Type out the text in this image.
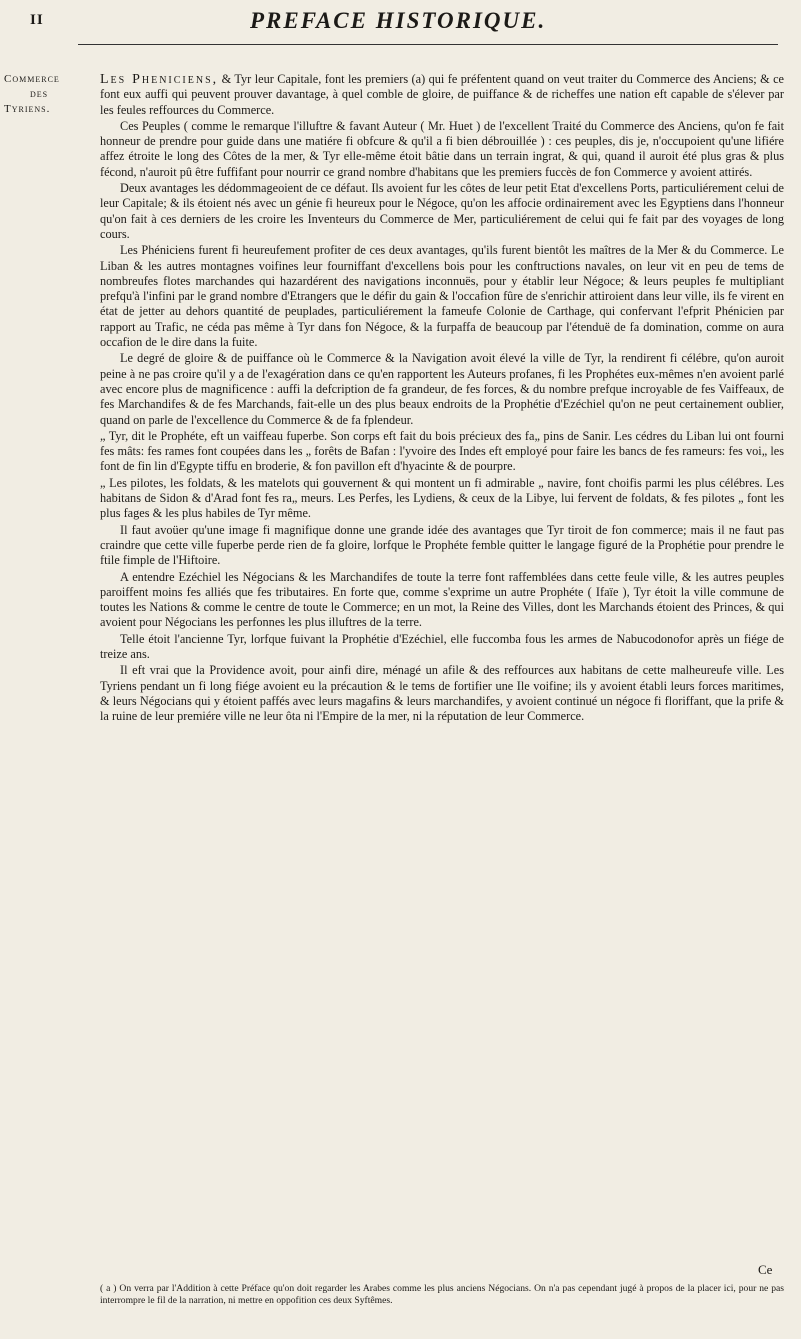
II	PREFACE HISTORIQUE.
Commerce
des
Tyriens.

Les Pheniciens, & Tyr leur Capitale, font les premiers (a) qui fe préfentent quand on veut traiter du Commerce des Anciens; & ce font eux auffi qui peuvent prouver davantage, à quel comble de gloire, de puiffance & de richeffes une nation eft capable de s'élever par les feules reffources du Commerce.

Ces Peuples ( comme le remarque l'illuftre & favant Auteur ( Mr. Huet ) de l'excellent Traité du Commerce des Anciens, qu'on fe fait honneur de prendre pour guide dans une matiére fi obfcure & qu'il a fi bien débrouillée ) : ces peuples, dis je, n'occupoient qu'une lifiére affez étroite le long des Côtes de la mer, & Tyr elle-même étoit bâtie dans un terrain ingrat, & qui, quand il auroit été plus gras & plus fécond, n'auroit pû être fuffifant pour nourrir ce grand nombre d'habitans que les premiers fuccès de fon Commerce y avoient attirés.

Deux avantages les dédommageoient de ce défaut. Ils avoient fur les côtes de leur petit Etat d'excellens Ports, particuliérement celui de leur Capitale; & ils étoient nés avec un génie fi heureux pour le Négoce, qu'on les affocie ordinairement avec les Egyptiens dans l'honneur qu'on fait à ces derniers de les croire les Inventeurs du Commerce de Mer, particuliérement de celui qui fe fait par des voyages de long cours.

Les Phéniciens furent fi heureufement profiter de ces deux avantages, qu'ils furent bientôt les maîtres de la Mer & du Commerce. Le Liban & les autres montagnes voifines leur fourniffant d'excellens bois pour les conftructions navales, on leur vit en peu de tems de nombreufes flotes marchandes qui hazardérent des navigations inconnuës, pour y établir leur Négoce; & leurs peuples fe multipliant prefqu'à l'infini par le grand nombre d'Etrangers que le défir du gain & l'occafion fûre de s'enrichir attiroient dans leur ville, ils fe virent en état de jetter au dehors quantité de peuplades, particuliérement la fameufe Colonie de Carthage, qui confervant l'efprit Phénicien par rapport au Trafic, ne céda pas même à Tyr dans fon Négoce, & la furpaffa de beaucoup par l'étenduë de fa domination, comme on aura occafion de le dire dans la fuite.

Le degré de gloire & de puiffance où le Commerce & la Navigation avoit élevé la ville de Tyr, la rendirent fi célébre, qu'on auroit peine à ne pas croire qu'il y a de l'exagération dans ce qu'en rapportent les Auteurs profanes, fi les Prophétes eux-mêmes n'en avoient parlé avec encore plus de magnificence : auffi la defcription de fa grandeur, de fes forces, & du nombre prefque incroyable de fes Vaiffeaux, de fes Marchandifes & de fes Marchands, fait-elle un des plus beaux endroits de la Prophétie d'Ezéchiel qu'on ne peut certainement oublier, quand on parle de l'excellence du Commerce & de fa fplendeur.

„ Tyr, dit le Prophéte, eft un vaiffeau fuperbe. Son corps eft fait du bois précieux des fa„ pins de Sanir. Les cédres du Liban lui ont fourni fes mâts: fes rames font coupées dans les „ forêts de Bafan : l'yvoire des Indes eft employé pour faire les bancs de fes rameurs: fes voi„ les font de fin lin d'Egypte tiffu en broderie, & fon pavillon eft d'hyacinte & de pourpre.

„ Les pilotes, les foldats, & les matelots qui gouvernent & qui montent un fi admirable „ navire, font choifis parmi les plus célébres. Les habitans de Sidon & d'Arad font fes ra„ meurs. Les Perfes, les Lydiens, & ceux de la Libye, lui fervent de foldats, & fes pilotes „ font les plus fages & les plus habiles de Tyr même.

Il faut avoüer qu'une image fi magnifique donne une grande idée des avantages que Tyr tiroit de fon commerce; mais il ne faut pas craindre que cette ville fuperbe perde rien de fa gloire, lorfque le Prophéte femble quitter le langage figuré de la Prophétie pour prendre le ftile fimple de l'Hiftoire.

A entendre Ezéchiel les Négocians & les Marchandifes de toute la terre font raffemblées dans cette feule ville, & les autres peuples paroiffent moins fes alliés que fes tributaires. En forte que, comme s'exprime un autre Prophéte ( Ifaïe ), Tyr étoit la ville commune de toutes les Nations & comme le centre de toute le Commerce; en un mot, la Reine des Villes, dont les Marchands étoient des Princes, & qui avoient pour Négocians les perfonnes les plus illuftres de la terre.

Telle étoit l'ancienne Tyr, lorfque fuivant la Prophétie d'Ezéchiel, elle fuccomba fous les armes de Nabucodonofor après un fiége de treize ans.

Il eft vrai que la Providence avoit, pour ainfi dire, ménagé un afile & des reffources aux habitans de cette malheureufe ville. Les Tyriens pendant un fi long fiége avoient eu la précaution & le tems de fortifier une Ile voifine; ils y avoient établi leurs forces maritimes, & leurs Négocians qui y étoient paffés avec leurs magafins & leurs marchandifes, y avoient continué un négoce fi floriffant, que la prife & la ruine de leur premiére ville ne leur ôta ni l'Empire de la mer, ni la réputation de leur Commerce.

Ce
( a ) On verra par l'Addition à cette Préface qu'on doit regarder les Arabes comme les plus anciens Négocians. On n'a pas cependant jugé à propos de la placer ici, pour ne pas interrompre le fil de la narration, ni mettre en oppofition ces deux Syftêmes.
